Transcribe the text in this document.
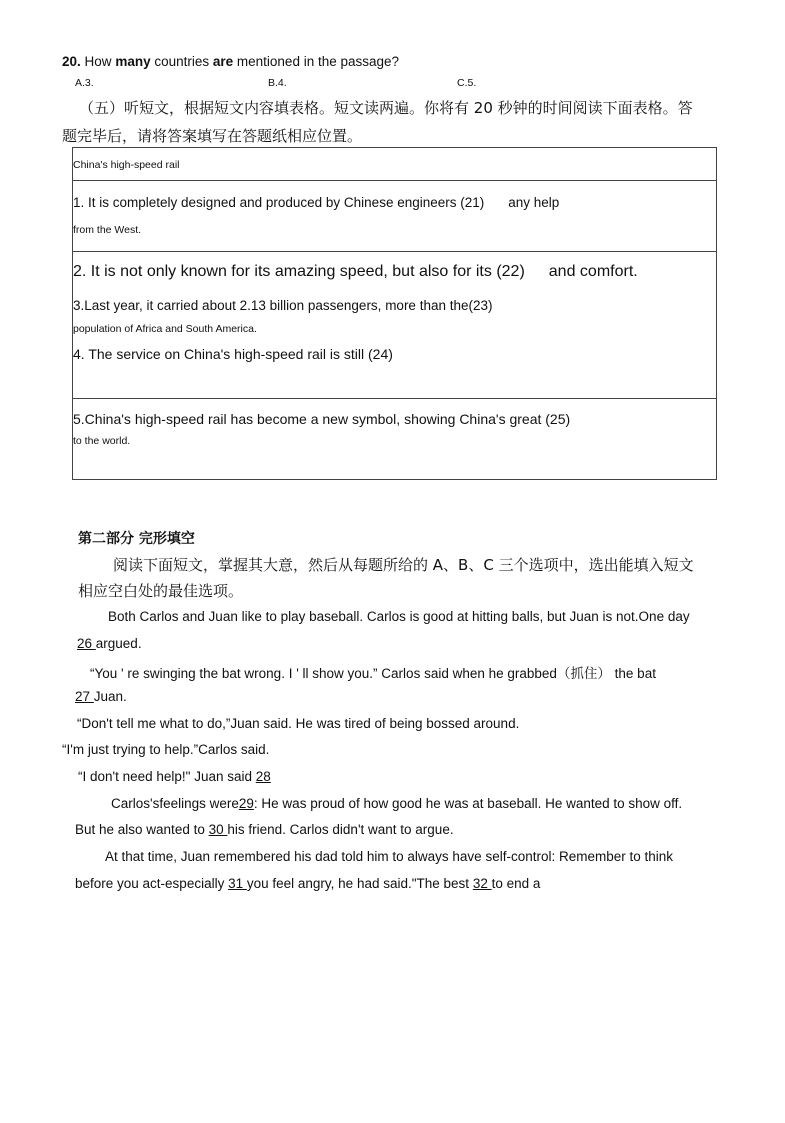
20. How many countries are mentioned in the passage?
A.3.	B.4.	C.5.
（五）听短文，根据短文内容填表格。短文读两遍。你将有 20 秒钟的时间阅读下面表格。答
题完毕后，请将答案填写在答题纸相应位置。
China's high-speed rail
1. It is completely designed and produced by Chinese engineers (21) any help
from the West.
2. It is not only known for its amazing speed, but also for its (22) and comfort.
3.Last year, it carried about 2.13 billion passengers, more than the(23)
population of Africa and South America.
4. The service on China's high-speed rail is still (24)
5.China's high-speed rail has become a new symbol, showing China's great (25)
to the world.
第二部分 完形填空
阅读下面短文，掌握其大意，然后从每题所给的 A、B、C 三个选项中，选出能填入短文
相应空白处的最佳选项。
Both Carlos and Juan like to play baseball. Carlos is good at hitting balls, but Juan is not.One day
26 argued.
“You ' re swinging the bat wrong. I ' ll show you.” Carlos said when he grabbed（抓住） the bat
27 Juan.
“Don't tell me what to do,”Juan said. He was tired of being bossed around.
“I'm just trying to help.”Carlos said.
“I don't need help!" Juan said 28
Carlos'sfeelings were29: He was proud of how good he was at baseball. He wanted to show off.
But he also wanted to 30 his friend. Carlos didn't want to argue.
At that time, Juan remembered his dad told him to always have self-control: Remember to think
before you act-especially 31 you feel angry, he had said."The best 32 to end a
